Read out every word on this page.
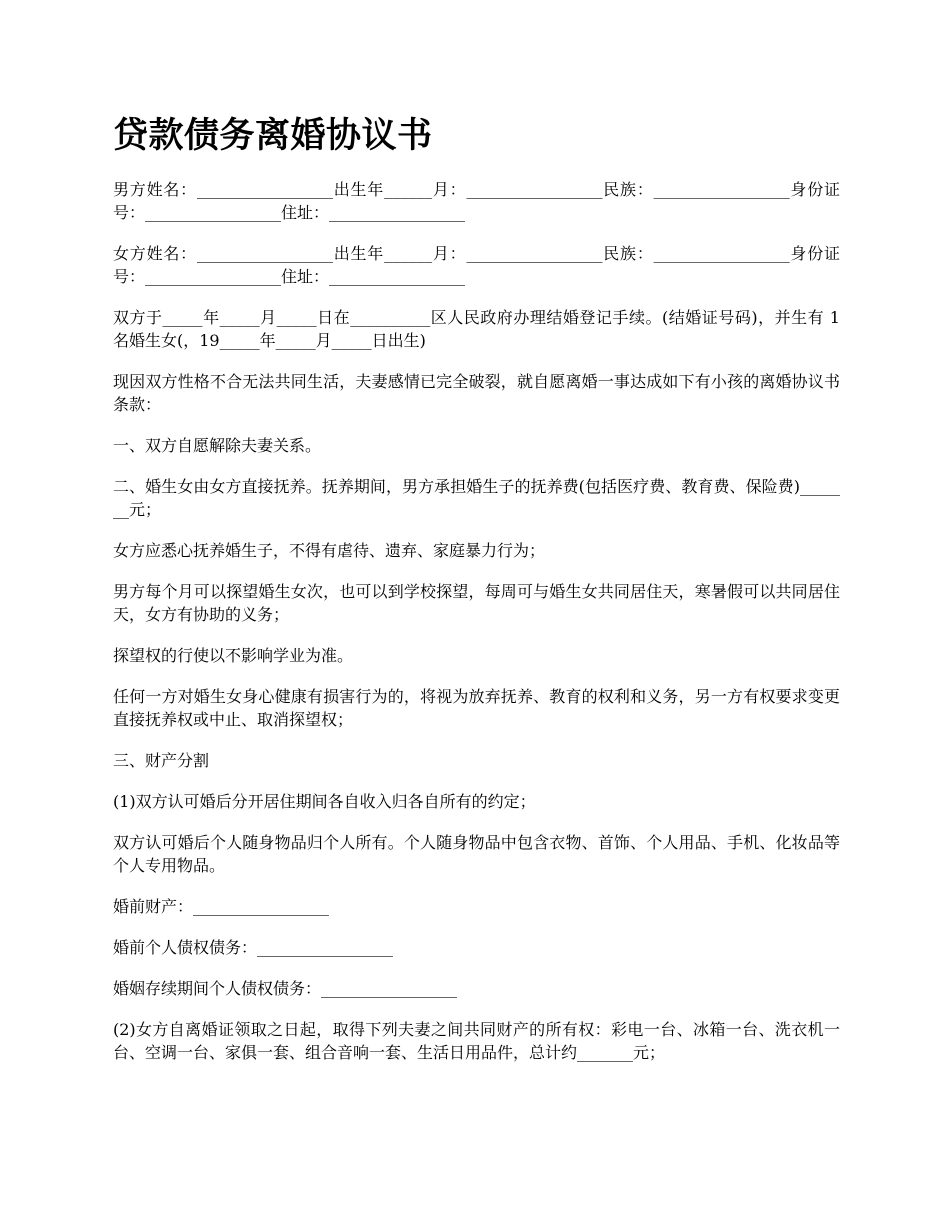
贷款债务离婚协议书

男方姓名：_________________出生年______月：_________________民族：_________________身份证号：_________________住址：_________________

女方姓名：_________________出生年______月：_________________民族：_________________身份证号：_________________住址：_________________

双方于_____年_____月_____日在__________区人民政府办理结婚登记手续。(结婚证号码)，并生有 1 名婚生女(，19_____年_____月_____日出生)

现因双方性格不合无法共同生活，夫妻感情已完全破裂，就自愿离婚一事达成如下有小孩的离婚协议书条款：

一、双方自愿解除夫妻关系。

二、婚生女由女方直接抚养。抚养期间，男方承担婚生子的抚养费(包括医疗费、教育费、保险费)_______元；

女方应悉心抚养婚生子，不得有虐待、遗弃、家庭暴力行为；

男方每个月可以探望婚生女次，也可以到学校探望，每周可与婚生女共同居住天，寒暑假可以共同居住天，女方有协助的义务；

探望权的行使以不影响学业为准。

任何一方对婚生女身心健康有损害行为的，将视为放弃抚养、教育的权利和义务，另一方有权要求变更直接抚养权或中止、取消探望权；

三、财产分割

(1)双方认可婚后分开居住期间各自收入归各自所有的约定；

双方认可婚后个人随身物品归个人所有。个人随身物品中包含衣物、首饰、个人用品、手机、化妆品等个人专用物品。

婚前财产：_________________

婚前个人债权债务：_________________

婚姻存续期间个人债权债务：_________________

(2)女方自离婚证领取之日起，取得下列夫妻之间共同财产的所有权：彩电一台、冰箱一台、洗衣机一台、空调一台、家俱一套、组合音响一套、生活日用品件，总计约_______元；
